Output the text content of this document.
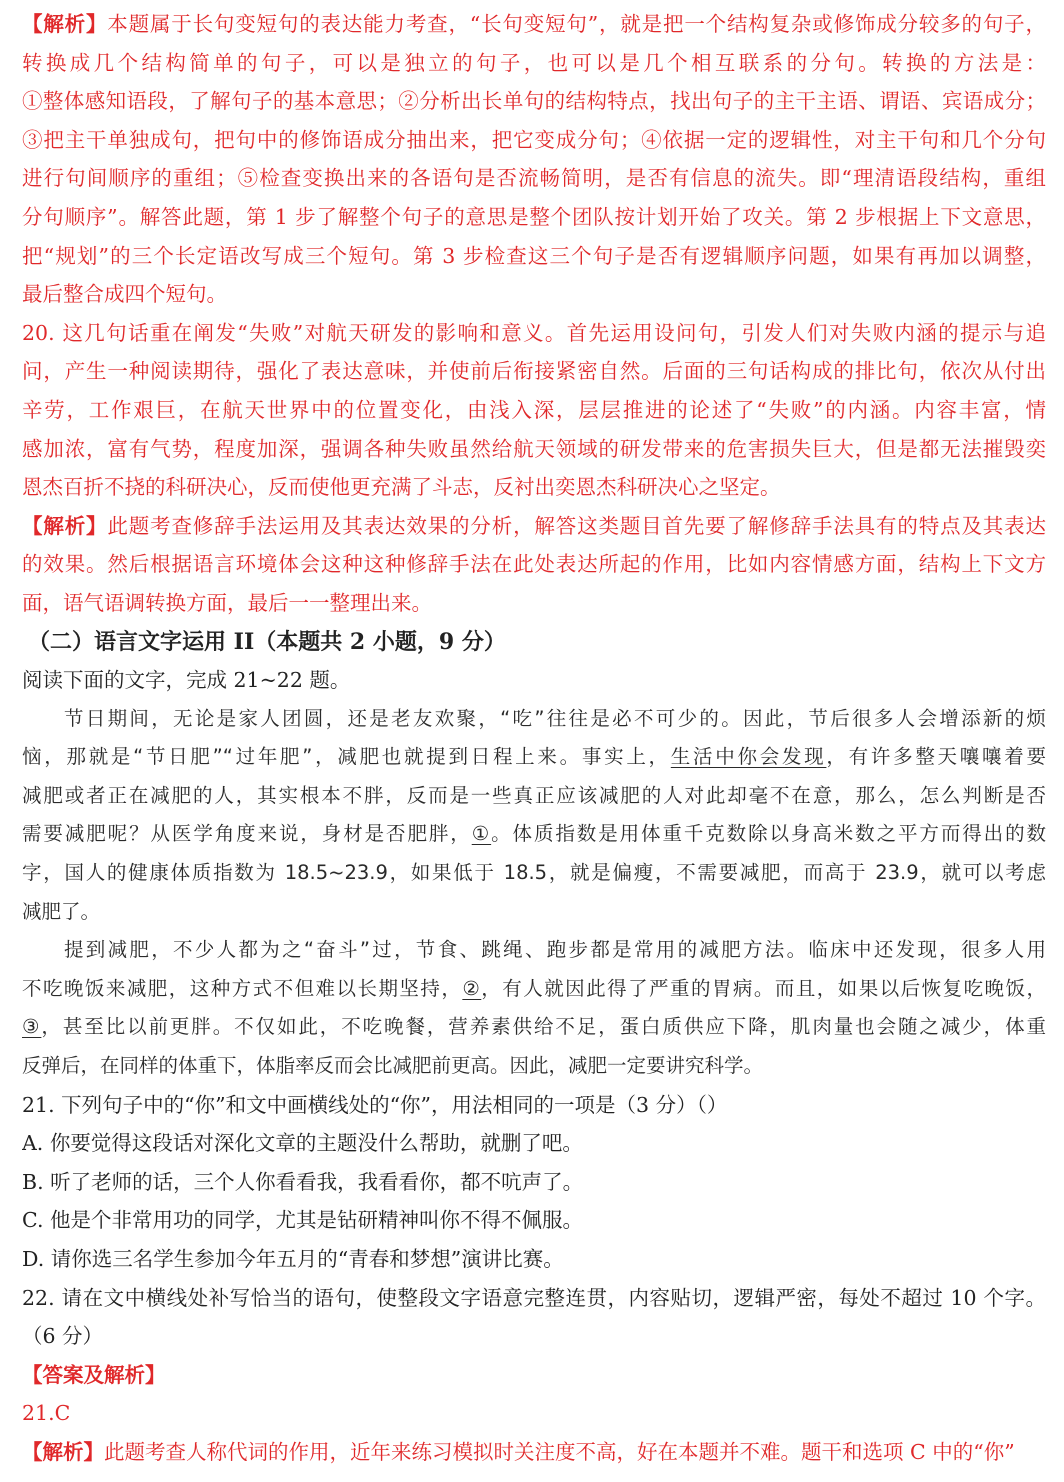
【解析】本题属于长句变短句的表达能力考查，“长句变短句”，就是把一个结构复杂或修饰成分较多的句子，
转换成几个结构简单的句子，可以是独立的句子，也可以是几个相互联系的分句。转换的方法是：
①整体感知语段，了解句子的基本意思；②分析出长单句的结构特点，找出句子的主干主语、谓语、宾语成分；
③把主干单独成句，把句中的修饰语成分抽出来，把它变成分句；④依据一定的逻辑性，对主干句和几个分句
进行句间顺序的重组；⑤检查变换出来的各语句是否流畅简明，是否有信息的流失。即“理清语段结构，重组
分句顺序”。解答此题，第 1 步了解整个句子的意思是整个团队按计划开始了攻关。第 2 步根据上下文意思，
把“规划”的三个长定语改写成三个短句。第 3 步检查这三个句子是否有逻辑顺序问题，如果有再加以调整，
最后整合成四个短句。
20. 这几句话重在阐发“失败”对航天研发的影响和意义。首先运用设问句，引发人们对失败内涵的提示与追
问，产生一种阅读期待，强化了表达意味，并使前后衔接紧密自然。后面的三句话构成的排比句，依次从付出
辛劳，工作艰巨，在航天世界中的位置变化，由浅入深，层层推进的论述了“失败”的内涵。内容丰富，情
感加浓，富有气势，程度加深，强调各种失败虽然给航天领域的研发带来的危害损失巨大，但是都无法摧毁奕
恩杰百折不挠的科研决心，反而使他更充满了斗志，反衬出奕恩杰科研决心之坚定。
【解析】此题考查修辞手法运用及其表达效果的分析，解答这类题目首先要了解修辞手法具有的特点及其表达
的效果。然后根据语言环境体会这种这种修辞手法在此处表达所起的作用，比如内容情感方面，结构上下文方
面，语气语调转换方面，最后一一整理出来。
（二）语言文字运用 II（本题共 2 小题，9 分）
阅读下面的文字，完成 21~22 题。
节日期间，无论是家人团圆，还是老友欢聚，“吃”往往是必不可少的。因此，节后很多人会增添新的烦
恼，那就是“节日肥”“过年肥”，减肥也就提到日程上来。事实上，生活中你会发现，有许多整天嚷嚷着要
减肥或者正在减肥的人，其实根本不胖，反而是一些真正应该减肥的人对此却毫不在意，那么，怎么判断是否
需要减肥呢？从医学角度来说，身材是否肥胖，①。体质指数是用体重千克数除以身高米数之平方而得出的数
字，国人的健康体质指数为 18.5~23.9，如果低于 18.5，就是偏瘦，不需要减肥，而高于 23.9，就可以考虑
减肥了。
提到减肥，不少人都为之“奋斗”过，节食、跳绳、跑步都是常用的减肥方法。临床中还发现，很多人用
不吃晚饭来减肥，这种方式不但难以长期坚持，②，有人就因此得了严重的胃病。而且，如果以后恢复吃晚饭，
③，甚至比以前更胖。不仅如此，不吃晚餐，营养素供给不足，蛋白质供应下降，肌肉量也会随之减少，体重
反弹后，在同样的体重下，体脂率反而会比减肥前更高。因此，减肥一定要讲究科学。
21. 下列句子中的“你”和文中画横线处的“你”，用法相同的一项是（3 分）（）
A. 你要觉得这段话对深化文章的主题没什么帮助，就删了吧。
B. 听了老师的话，三个人你看看我，我看看你，都不吭声了。
C. 他是个非常用功的同学，尤其是钻研精神叫你不得不佩服。
D. 请你选三名学生参加今年五月的“青春和梦想”演讲比赛。
22. 请在文中横线处补写恰当的语句，使整段文字语意完整连贯，内容贴切，逻辑严密，每处不超过 10 个字。
（6 分）
【答案及解析】
21.C
【解析】此题考查人称代词的作用，近年来练习模拟时关注度不高，好在本题并不难。题干和选项 C 中的“你”
